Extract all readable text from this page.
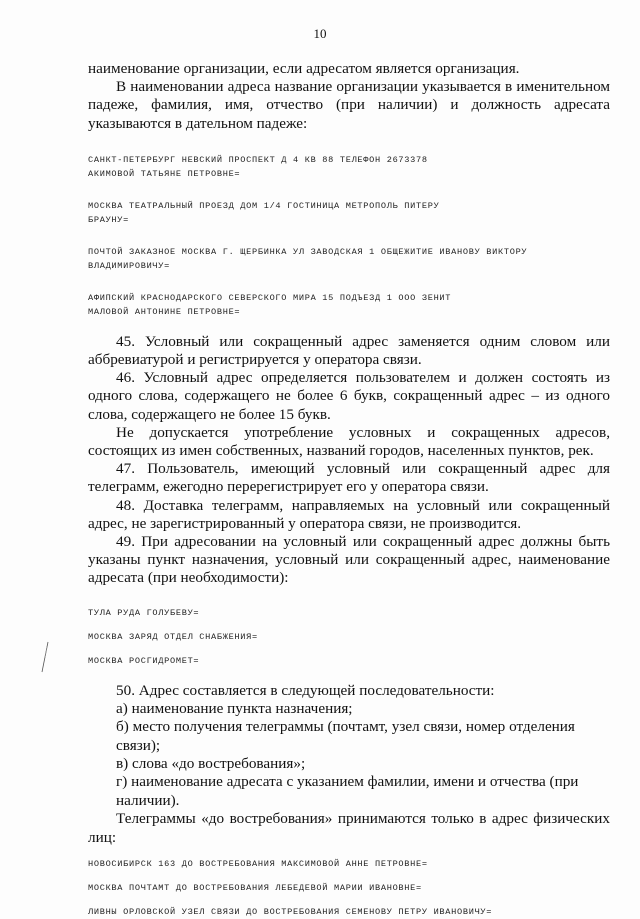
10

наименование организации, если адресатом является организация.

В наименовании адреса название организации указывается в именительном падеже, фамилия, имя, отчество (при наличии) и должность адресата указываются в дательном падеже:

САНКТ-ПЕТЕРБУРГ НЕВСКИЙ ПРОСПЕКТ Д 4 КВ 88 ТЕЛЕФОН 2673378

АКИМОВОЙ ТАТЬЯНЕ ПЕТРОВНЕ=

МОСКВА ТЕАТРАЛЬНЫЙ ПРОЕЗД ДОМ 1/4 ГОСТИНИЦА МЕТРОПОЛЬ ПИТЕРУ

БРАУНУ=

ПОЧТОЙ ЗАКАЗНОЕ МОСКВА Г. ЩЕРБИНКА УЛ ЗАВОДСКАЯ 1 ОБЩЕЖИТИЕ ИВАНОВУ ВИКТОРУ

ВЛАДИМИРОВИЧУ=

АФИПСКИЙ КРАСНОДАРСКОГО СЕВЕРСКОГО МИРА 15 ПОДЪЕЗД 1 ООО ЗЕНИТ

МАЛОВОЙ АНТОНИНЕ ПЕТРОВНЕ=

45. Условный или сокращенный адрес заменяется одним словом или аббревиатурой и регистрируется у оператора связи.

46. Условный адрес определяется пользователем и должен состоять из одного слова, содержащего не более 6 букв, сокращенный адрес – из одного слова, содержащего не более 15 букв.

Не допускается употребление условных и сокращенных адресов, состоящих из имен собственных, названий городов, населенных пунктов, рек.

47. Пользователь, имеющий условный или сокращенный адрес для телеграмм, ежегодно перерегистрирует его у оператора связи.

48. Доставка телеграмм, направляемых на условный или сокращенный адрес, не зарегистрированный у оператора связи, не производится.

49. При адресовании на условный или сокращенный адрес должны быть указаны пункт назначения, условный или сокращенный адрес, наименование адресата (при необходимости):

ТУЛА РУДА ГОЛУБЕВУ=

МОСКВА ЗАРЯД ОТДЕЛ СНАБЖЕНИЯ=

МОСКВА РОСГИДРОМЕТ=

50. Адрес составляется в следующей последовательности:

а) наименование пункта назначения;

б) место получения телеграммы (почтамт, узел связи, номер отделения связи);

в) слова «до востребования»;

г) наименование адресата с указанием фамилии, имени и отчества (при наличии).

Телеграммы «до востребования» принимаются только в адрес физических лиц:

НОВОСИБИРСК 163 ДО ВОСТРЕБОВАНИЯ МАКСИМОВОЙ АННЕ ПЕТРОВНЕ=

МОСКВА ПОЧТАМТ ДО ВОСТРЕБОВАНИЯ ЛЕБЕДЕВОЙ МАРИИ ИВАНОВНЕ=

ЛИВНЫ ОРЛОВСКОЙ УЗЕЛ СВЯЗИ ДО ВОСТРЕБОВАНИЯ СЕМЕНОВУ ПЕТРУ ИВАНОВИЧУ=
